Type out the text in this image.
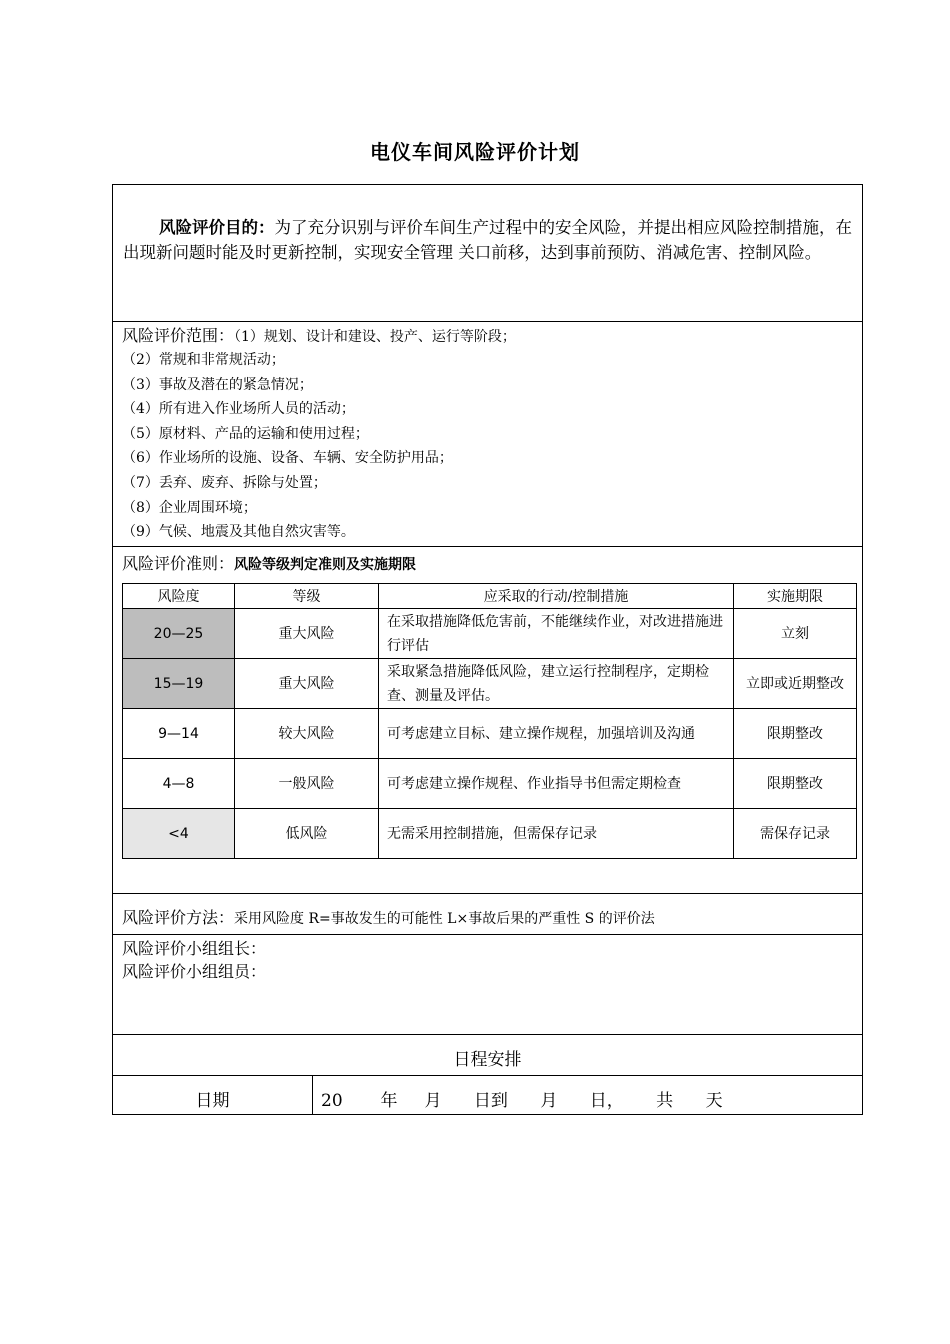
电仪车间风险评价计划
风险评价目的：为了充分识别与评价车间生产过程中的安全风险，并提出相应风险控制措施，在出现新问题时能及时更新控制，实现安全管理 关口前移，达到事前预防、消减危害、控制风险。
风险评价范围：（1）规划、设计和建设、投产、运行等阶段；
（2）常规和非常规活动；
（3）事故及潜在的紧急情况；
（4）所有进入作业场所人员的活动；
（5）原材料、产品的运输和使用过程；
（6）作业场所的设施、设备、车辆、安全防护用品；
（7）丢弃、废弃、拆除与处置；
（8）企业周围环境；
（9）气候、地震及其他自然灾害等。
风险评价准则：风险等级判定准则及实施期限
风险度	等级	应采取的行动/控制措施	实施期限
20—25	重大风险	在采取措施降低危害前，不能继续作业，对改进措施进行评估	立刻
15—19	重大风险	采取紧急措施降低风险，建立运行控制程序，定期检查、测量及评估。	立即或近期整改
9—14	较大风险	可考虑建立目标、建立操作规程，加强培训及沟通	限期整改
4—8	一般风险	可考虑建立操作规程、作业指导书但需定期检查	限期整改
<4	低风险	无需采用控制措施，但需保存记录	需保存记录
风险评价方法：采用风险度 R=事故发生的可能性 L×事故后果的严重性 S 的评价法
风险评价小组组长：
风险评价小组组员：
日程安排
日期	20       年     月      日到      月      日，      共      天
